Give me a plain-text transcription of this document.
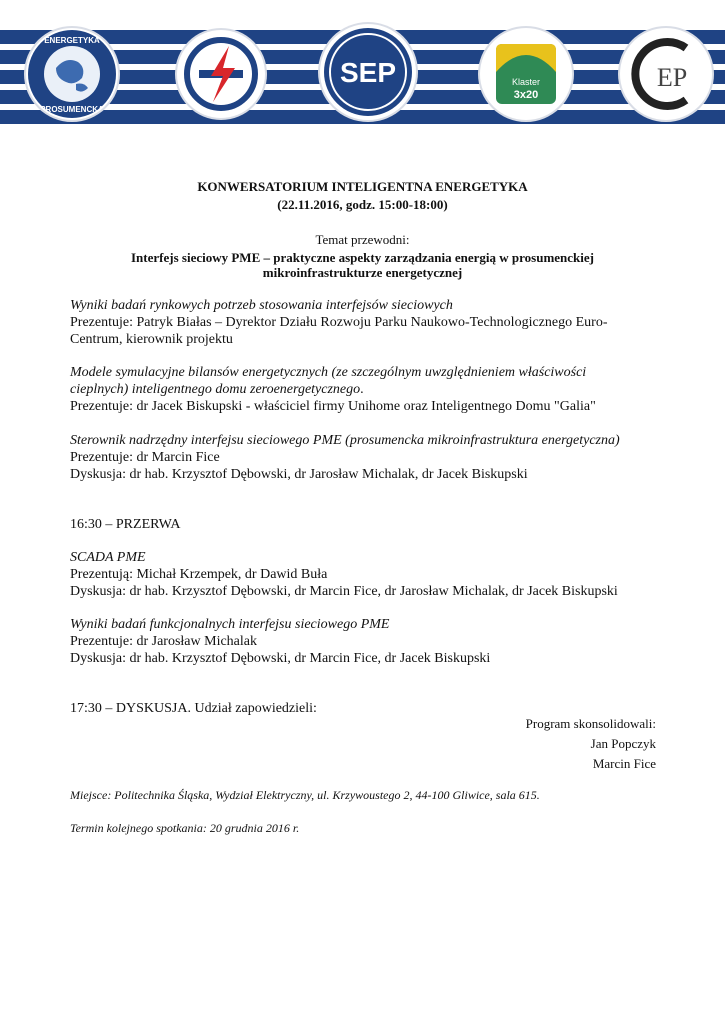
ENERGETYKA
PROSUMENCKA
SEP	Klaster
3x20
EP
KONWERSATORIUM INTELIGENTNA ENERGETYKA
(22.11.2016, godz. 15:00-18:00)
Temat przewodni:
Interfejs sieciowy PME – praktyczne aspekty zarządzania energią w prosumenckiej
mikroinfrastrukturze energetycznej
Wyniki badań rynkowych potrzeb stosowania interfejsów sieciowych
Prezentuje: Patryk Białas – Dyrektor Działu Rozwoju Parku Naukowo-Technologicznego Euro-
Centrum, kierownik projektu
Modele symulacyjne bilansów energetycznych (ze szczególnym uwzględnieniem właściwości
cieplnych) inteligentnego domu zeroenergetycznego.
Prezentuje: dr Jacek Biskupski - właściciel firmy Unihome oraz Inteligentnego Domu "Galia"
Sterownik nadrzędny interfejsu sieciowego PME (prosumencka mikroinfrastruktura energetyczna)
Prezentuje: dr Marcin Fice
Dyskusja: dr hab. Krzysztof Dębowski, dr Jarosław Michalak, dr Jacek Biskupski
16:30 – PRZERWA
SCADA PME
Prezentują: Michał Krzempek, dr Dawid Buła
Dyskusja: dr hab. Krzysztof Dębowski, dr Marcin Fice, dr Jarosław Michalak, dr Jacek Biskupski
Wyniki badań funkcjonalnych interfejsu sieciowego PME
Prezentuje: dr Jarosław Michalak
Dyskusja: dr hab. Krzysztof Dębowski, dr Marcin Fice, dr Jacek Biskupski
17:30 – DYSKUSJA. Udział zapowiedzieli:
Program skonsolidowali:
Jan Popczyk
Marcin Fice
Miejsce: Politechnika Śląska, Wydział Elektryczny, ul. Krzywoustego 2, 44-100 Gliwice, sala 615.
Termin kolejnego spotkania: 20 grudnia 2016 r.
